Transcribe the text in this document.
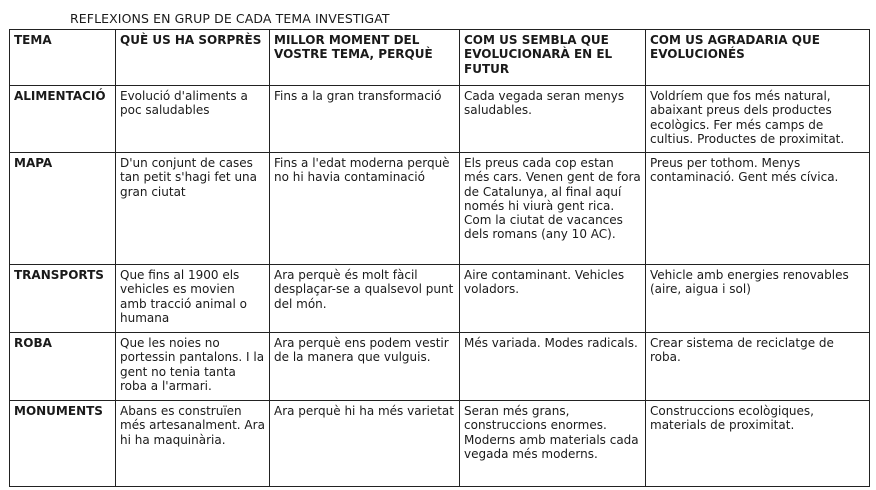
REFLEXIONS EN GRUP DE CADA TEMA INVESTIGAT
TEMA	QUÈ US HA SORPRÈS	MILLOR MOMENT DEL VOSTRE TEMA, PERQUÈ	COM US SEMBLA QUE EVOLUCIONARÀ EN EL FUTUR	COM US AGRADARIA QUE EVOLUCIONÉS
ALIMENTACIÓ	Evolució d'aliments a poc saludables	Fins a la gran transformació	Cada vegada seran menys saludables.	Voldríem que fos més natural, abaixant preus dels productes ecològics. Fer més camps de cultius. Productes de proximitat.
MAPA	D'un conjunt de cases tan petit s'hagi fet una gran ciutat	Fins a l'edat moderna perquè no hi havia contaminació	Els preus cada cop estan més cars. Venen gent de fora de Catalunya, al final aquí només hi viurà gent rica. Com la ciutat de vacances dels romans (any 10 AC).	Preus per tothom. Menys contaminació. Gent més cívica.
TRANSPORTS	Que fins al 1900 els vehicles es movien amb tracció animal o humana	Ara perquè és molt fàcil desplaçar-se a qualsevol punt del món.	Aire contaminant. Vehicles voladors.	Vehicle amb energies renovables (aire, aigua i sol)
ROBA	Que les noies no portessin pantalons. I la gent no tenia tanta roba a l'armari.	Ara perquè ens podem vestir de la manera que vulguis.	Més variada. Modes radicals.	Crear sistema de reciclatge de roba.
MONUMENTS	Abans es construïen més artesanalment. Ara hi ha maquinària.	Ara perquè hi ha més varietat	Seran més grans, construccions enormes. Moderns amb materials cada vegada més moderns.	Construccions ecològiques, materials de proximitat.
